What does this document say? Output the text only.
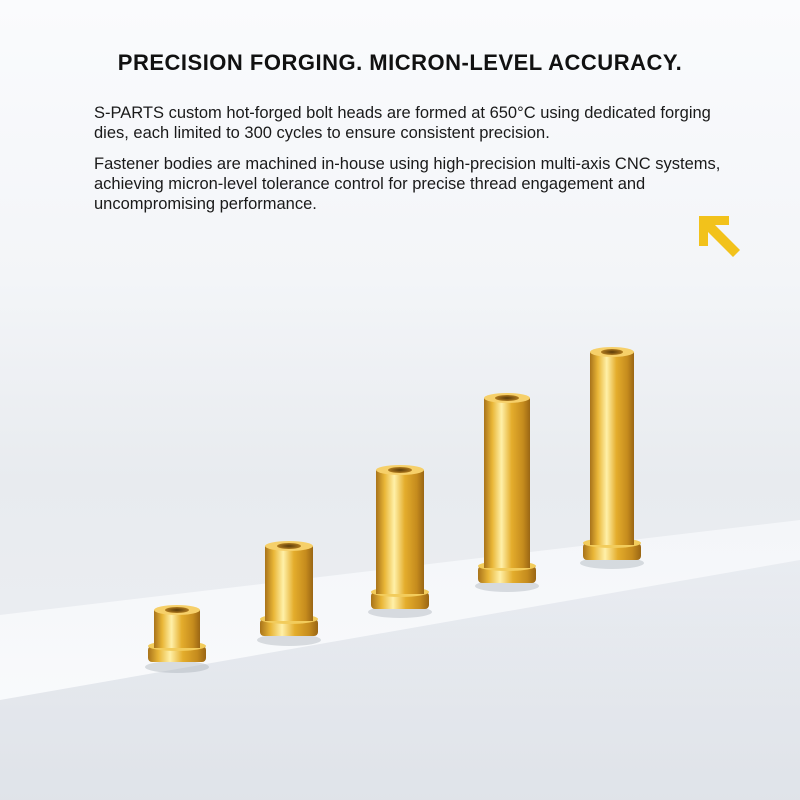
PRECISION FORGING. MICRON-LEVEL ACCURACY.

S-PARTS custom hot-forged bolt heads are formed at 650°C using dedicated forging dies, each limited to 300 cycles to ensure consistent precision.

Fastener bodies are machined in-house using high-precision multi-axis CNC systems, achieving micron-level tolerance control for precise thread engagement and uncompromising performance.
